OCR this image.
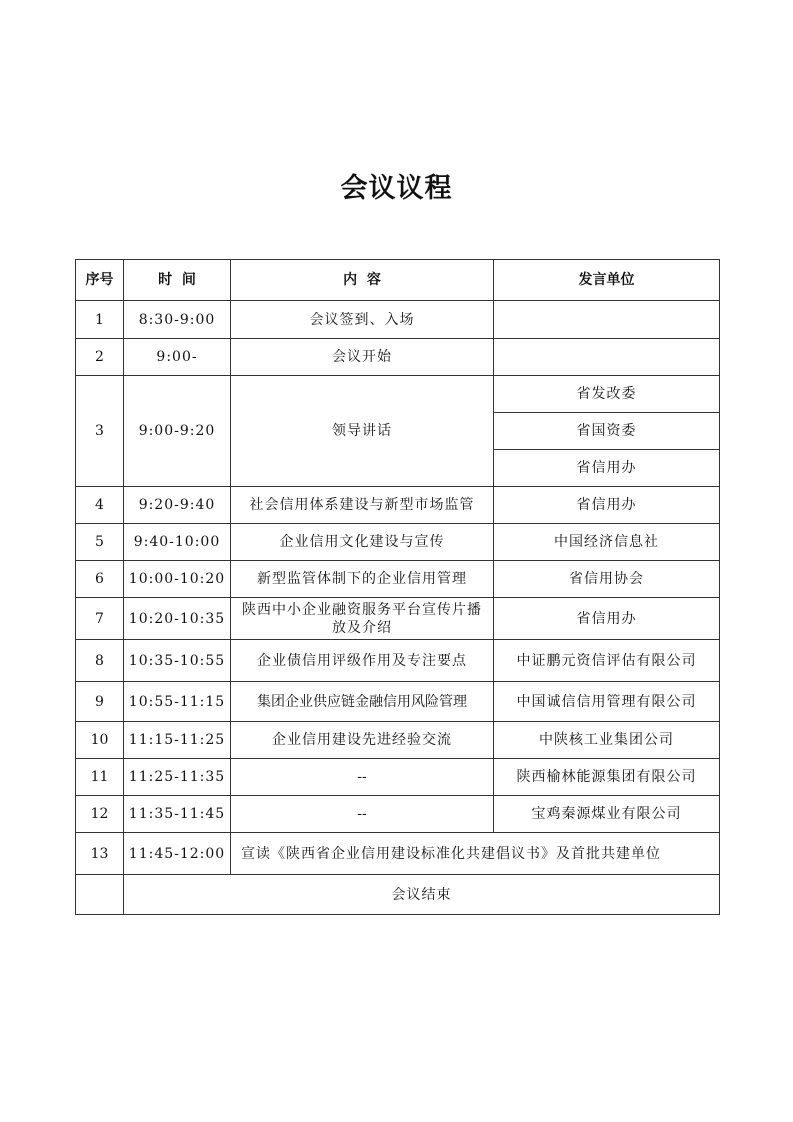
会议议程
序号	时  间	内  容	发言单位
1	8:30-9:00	会议签到、入场	
2	9:00-	会议开始	
3	9:00-9:20	领导讲话	省发改委
			省国资委
			省信用办
4	9:20-9:40	社会信用体系建设与新型市场监管	省信用办
5	9:40-10:00	企业信用文化建设与宣传	中国经济信息社
6	10:00-10:20	新型监管体制下的企业信用管理	省信用协会
7	10:20-10:35	陕西中小企业融资服务平台宣传片播放及介绍	省信用办
8	10:35-10:55	企业债信用评级作用及专注要点	中证鹏元资信评估有限公司
9	10:55-11:15	集团企业供应链金融信用风险管理	中国诚信信用管理有限公司
10	11:15-11:25	企业信用建设先进经验交流	中陕核工业集团公司
11	11:25-11:35	--	陕西榆林能源集团有限公司
12	11:35-11:45	--	宝鸡秦源煤业有限公司
13	11:45-12:00	宣读《陕西省企业信用建设标准化共建倡议书》及首批共建单位	
	会议结束		
